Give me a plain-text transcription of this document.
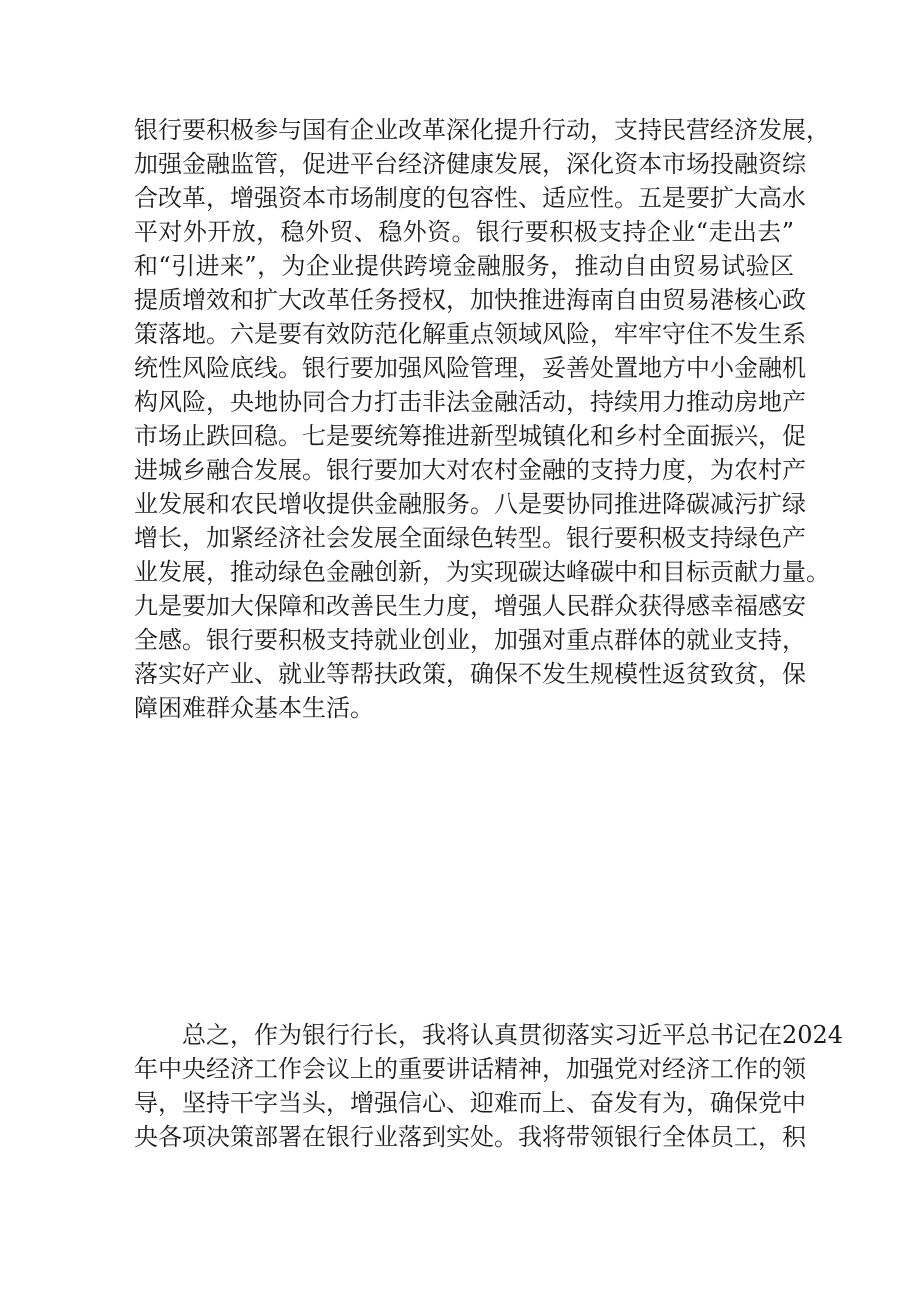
银行要积极参与国有企业改革深化提升行动，支持民营经济发展，
加强金融监管，促进平台经济健康发展，深化资本市场投融资综
合改革，增强资本市场制度的包容性、适应性。五是要扩大高水
平对外开放，稳外贸、稳外资。银行要积极支持企业“走出去”
和“引进来”，为企业提供跨境金融服务，推动自由贸易试验区
提质增效和扩大改革任务授权，加快推进海南自由贸易港核心政
策落地。六是要有效防范化解重点领域风险，牢牢守住不发生系
统性风险底线。银行要加强风险管理，妥善处置地方中小金融机
构风险，央地协同合力打击非法金融活动，持续用力推动房地产
市场止跌回稳。七是要统筹推进新型城镇化和乡村全面振兴，促
进城乡融合发展。银行要加大对农村金融的支持力度，为农村产
业发展和农民增收提供金融服务。八是要协同推进降碳减污扩绿
增长，加紧经济社会发展全面绿色转型。银行要积极支持绿色产
业发展，推动绿色金融创新，为实现碳达峰碳中和目标贡献力量。
九是要加大保障和改善民生力度，增强人民群众获得感幸福感安
全感。银行要积极支持就业创业，加强对重点群体的就业支持，
落实好产业、就业等帮扶政策，确保不发生规模性返贫致贫，保
障困难群众基本生活。
　　总之，作为银行行长，我将认真贯彻落实习近平总书记在2024
年中央经济工作会议上的重要讲话精神，加强党对经济工作的领
导，坚持干字当头，增强信心、迎难而上、奋发有为，确保党中
央各项决策部署在银行业落到实处。我将带领银行全体员工，积
